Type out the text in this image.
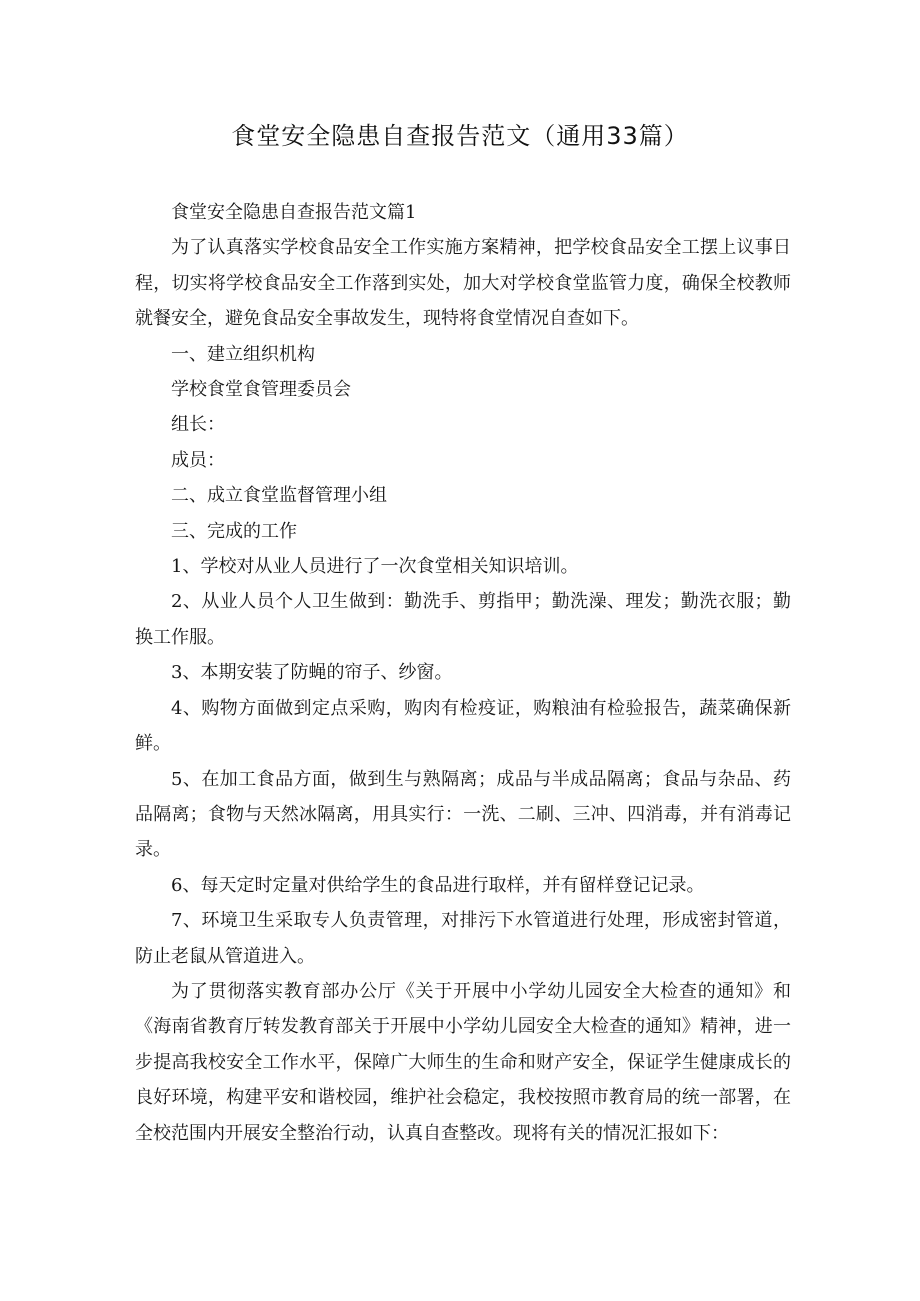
食堂安全隐患自查报告范文（通用33篇）

食堂安全隐患自查报告范文篇1

为了认真落实学校食品安全工作实施方案精神，把学校食品安全工摆上议事日程，切实将学校食品安全工作落到实处，加大对学校食堂监管力度，确保全校教师就餐安全，避免食品安全事故发生，现特将食堂情况自查如下。

一、建立组织机构

学校食堂食管理委员会

组长：

成员：

二、成立食堂监督管理小组

三、完成的工作

1、学校对从业人员进行了一次食堂相关知识培训。

2、从业人员个人卫生做到：勤洗手、剪指甲；勤洗澡、理发；勤洗衣服；勤换工作服。

3、本期安装了防蝇的帘子、纱窗。

4、购物方面做到定点采购，购肉有检疫证，购粮油有检验报告，蔬菜确保新鲜。

5、在加工食品方面，做到生与熟隔离；成品与半成品隔离；食品与杂品、药品隔离；食物与天然冰隔离，用具实行：一洗、二刷、三冲、四消毒，并有消毒记录。

6、每天定时定量对供给学生的食品进行取样，并有留样登记记录。

7、环境卫生采取专人负责管理，对排污下水管道进行处理，形成密封管道，防止老鼠从管道进入。

为了贯彻落实教育部办公厅《关于开展中小学幼儿园安全大检查的通知》和《海南省教育厅转发教育部关于开展中小学幼儿园安全大检查的通知》精神，进一步提高我校安全工作水平，保障广大师生的生命和财产安全，保证学生健康成长的良好环境，构建平安和谐校园，维护社会稳定，我校按照市教育局的统一部署，在全校范围内开展安全整治行动，认真自查整改。现将有关的情况汇报如下：
